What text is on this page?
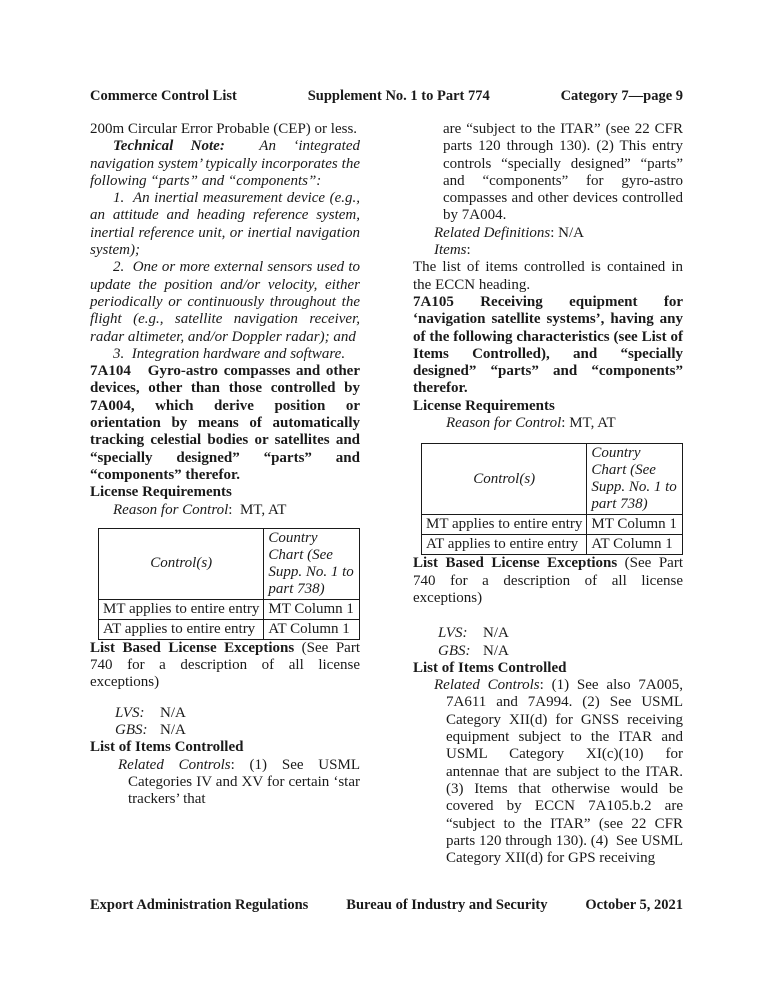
Commerce Control List	Supplement No. 1 to Part 774	Category 7—page 9

200m Circular Error Probable (CEP) or less.

Technical Note:  An ‘integrated navigation system’ typically incorporates the following “parts” and “components”:

1.  An inertial measurement device (e.g., an attitude and heading reference system, inertial reference unit, or inertial navigation system);

2.  One or more external sensors used to update the position and/or velocity, either periodically or continuously throughout the flight (e.g., satellite navigation receiver, radar altimeter, and/or Doppler radar); and

3.  Integration hardware and software.

7A104   Gyro-astro compasses and other devices, other than those controlled by 7A004, which derive position or orientation by means of automatically tracking celestial bodies or satellites and “specially designed” “parts” and “components” therefor.

License Requirements

Reason for Control:  MT, AT

Control(s)	Country Chart (See Supp. No. 1 to part 738)
MT applies to entire entry	MT Column 1
AT applies to entire entry	AT Column 1

List Based License Exceptions (See Part 740 for a description of all license exceptions)

LVS: N/A
GBS: N/A

List of Items Controlled

Related Controls: (1) See USML Categories IV and XV for certain ‘star trackers’ that

are “subject to the ITAR” (see 22 CFR parts 120 through 130). (2) This entry controls “specially designed” “parts” and “components” for gyro-astro compasses and other devices controlled by 7A004.

Related Definitions: N/A

Items:

The list of items controlled is contained in the ECCN heading.

7A105 Receiving equipment for ‘navigation satellite systems’, having any of the following characteristics (see List of Items Controlled), and “specially designed” “parts” and “components” therefor.

License Requirements

Reason for Control: MT, AT

Control(s)	Country Chart (See Supp. No. 1 to part 738)
MT applies to entire entry	MT Column 1
AT applies to entire entry	AT Column 1

List Based License Exceptions (See Part 740 for a description of all license exceptions)

LVS: N/A
GBS: N/A

List of Items Controlled

Related Controls: (1) See also 7A005, 7A611 and 7A994. (2) See USML Category XII(d) for GNSS receiving equipment subject to the ITAR and USML Category XI(c)(10) for antennae that are subject to the ITAR. (3) Items that otherwise would be covered by ECCN 7A105.b.2 are “subject to the ITAR” (see 22 CFR parts 120 through 130). (4)  See USML Category XII(d) for GPS receiving

Export Administration Regulations	Bureau of Industry and Security	October 5, 2021
